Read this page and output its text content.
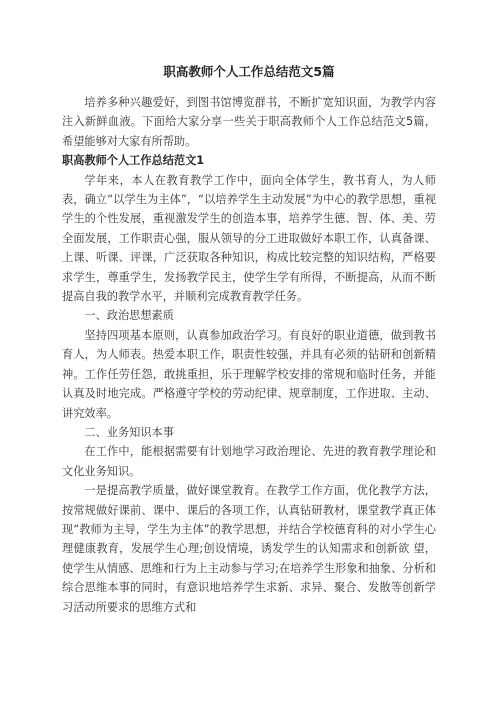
职高教师个人工作总结范文5篇

培养多种兴趣爱好，到图书馆博览群书，不断扩宽知识面，为教学内容注入新鲜血液。下面给大家分享一些关于职高教师个人工作总结范文5篇，希望能够对大家有所帮助。

职高教师个人工作总结范文1

学年来，本人在教育教学工作中，面向全体学生，教书育人，为人师表，确立“以学生为主体”，“以培养学生主动发展”为中心的教学思想，重视学生的个性发展，重视激发学生的创造本事，培养学生德、智、体、美、劳全面发展，工作职责心强，服从领导的分工进取做好本职工作，认真备课、上课、听课、评课，广泛获取各种知识，构成比较完整的知识结构，严格要求学生，尊重学生，发扬教学民主，使学生学有所得，不断提高，从而不断提高自我的教学水平，并顺利完成教育教学任务。

一、政治思想素质

坚持四项基本原则，认真参加政治学习。有良好的职业道德，做到教书育人，为人师表。热爱本职工作，职责性较强，并具有必须的钻研和创新精神。工作任劳任怨，敢挑重担，乐于理解学校安排的常规和临时任务，并能认真及时地完成。严格遵守学校的劳动纪律、规章制度，工作进取、主动、讲究效率。

二、业务知识本事

在工作中，能根据需要有计划地学习政治理论、先进的教育教学理论和文化业务知识。

一是提高教学质量，做好课堂教育。在教学工作方面，优化教学方法，按常规做好课前、课中、课后的各项工作，认真钻研教材，课堂教学真正体现“教师为主导，学生为主体”的教学思想，并结合学校德育科的对小学生心理健康教育，发展学生心理;创设情境，诱发学生的认知需求和创新欲 望，使学生从情感、思维和行为上主动参与学习;在培养学生形象和抽象、分析和综合思维本事的同时，有意识地培养学生求新、求异、聚合、发散等创新学习活动所要求的思维方式和
